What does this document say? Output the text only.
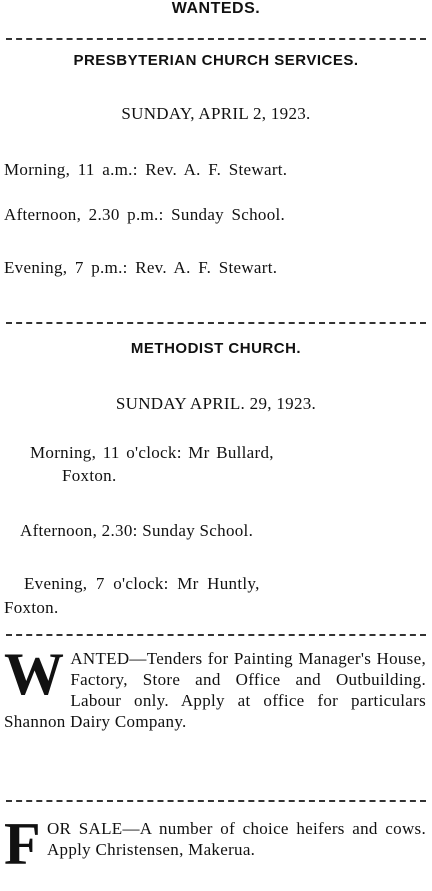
WANTEDS.
PRESBYTERIAN CHURCH SERVICES.
SUNDAY, APRIL 2, 1923.
Morning, 11 a.m.: Rev. A. F. Stewart.
Afternoon, 2.30 p.m.: Sunday School.
Evening, 7 p.m.: Rev. A. F. Stewart.
METHODIST CHURCH.
SUNDAY APRIL. 29, 1923.
Morning, 11 o'clock: Mr Bullard,
Foxton.
Afternoon, 2.30: Sunday School.
Evening, 7 o'clock: Mr Huntly,
Foxton.
W ANTED—Tenders for Painting Manager's House, Factory, Store and Office and Outbuilding. Labour only. Apply at office for particulars Shannon Dairy Company.
F OR SALE—A number of choice heifers and cows. Apply Christensen, Makerua.
